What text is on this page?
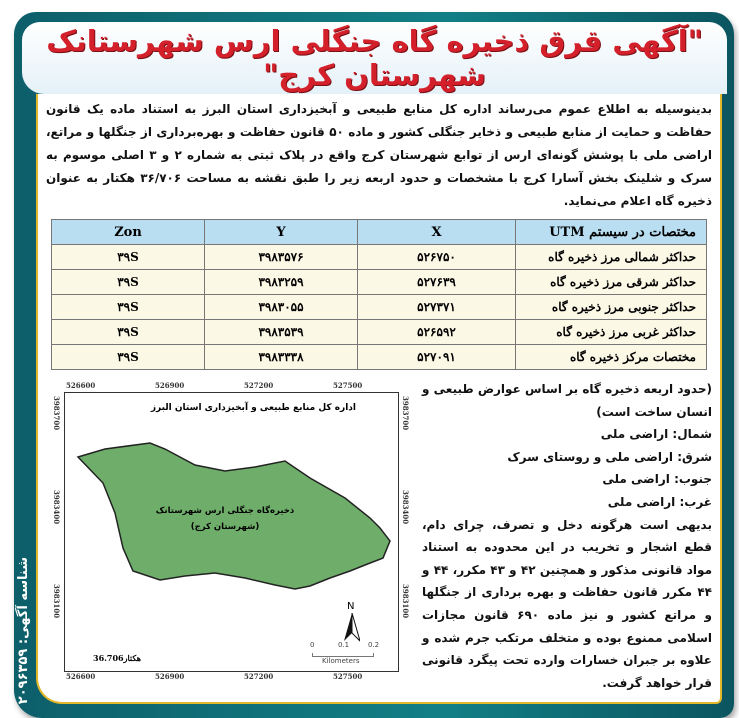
"آگهی قرق ذخیره گاه جنگلی ارس شهرستانک شهرستان کرج"
بدینوسیله به اطلاع عموم می‌رساند اداره کل منابع طبیعی و آبخیزداری استان البرز به استناد ماده یک قانون حفاظت و حمایت از منابع طبیعی و ذخایر جنگلی کشور و ماده ۵۰ قانون حفاظت و بهره‌برداری از جنگلها و مراتع، اراضی ملی با پوشش گونه‌ای ارس از توابع شهرستان کرج واقع در پلاک ثبتی به شماره ۲ و ۳ اصلی موسوم به سرک و شلینک بخش آسارا کرج با مشخصات و حدود اربعه زیر را طبق نقشه به مساحت ۳۶/۷۰۶ هکتار به عنوان ذخیره گاه اعلام می‌نماید.
Zon	Y	X	مختصات در سیستم UTM
۳۹S	۳۹۸۳۵۷۶	۵۲۶۷۵۰	حداکثر شمالی مرز ذخیره گاه
۳۹S	۳۹۸۳۲۵۹	۵۲۷۶۳۹	حداکثر شرقی مرز ذخیره گاه
۳۹S	۳۹۸۳۰۵۵	۵۲۷۳۷۱	حداکثر جنوبی مرز ذخیره گاه
۳۹S	۳۹۸۳۵۳۹	۵۲۶۵۹۲	حداکثر غربی مرز ذخیره گاه
۳۹S	۳۹۸۳۳۳۸	۵۲۷۰۹۱	مختصات مرکز ذخیره گاه
526600	526900	527200	527500
526600	526900	527200	527500
3983700
3983400
3983100
3983700
3983400
3983100
اداره کل منابع طبیعی و آبخیزداری استان البرز
ذخیره‌گاه جنگلی ارس شهرستانک
(شهرستان کرج)
36.706هکتار
N
0	0.1	0.2
Kilometers

(حدود اربعه ذخیره گاه بر اساس عوارض طبیعی و انسان ساخت است)

شمال: اراضی ملی

شرق: اراضی ملی و روستای سرک

جنوب: اراضی ملی

غرب: اراضی ملی

بدیهی است هرگونه دخل و تصرف، چرای دام، قطع اشجار و تخریب در این محدوده به استناد مواد قانونی مذکور و همچنین ۴۲ و ۴۳ مکرر، ۴۴ و ۴۴ مکرر قانون حفاظت و بهره برداری از جنگلها و مراتع کشور و نیز ماده ۶۹۰ قانون مجازات اسلامی ممنوع بوده و متخلف مرتکب جرم شده و علاوه بر جبران خسارات وارده تحت پیگرد قانونی قرار خواهد گرفت.

شناسه آگهی: ۲۰۹۶۳۵۹
